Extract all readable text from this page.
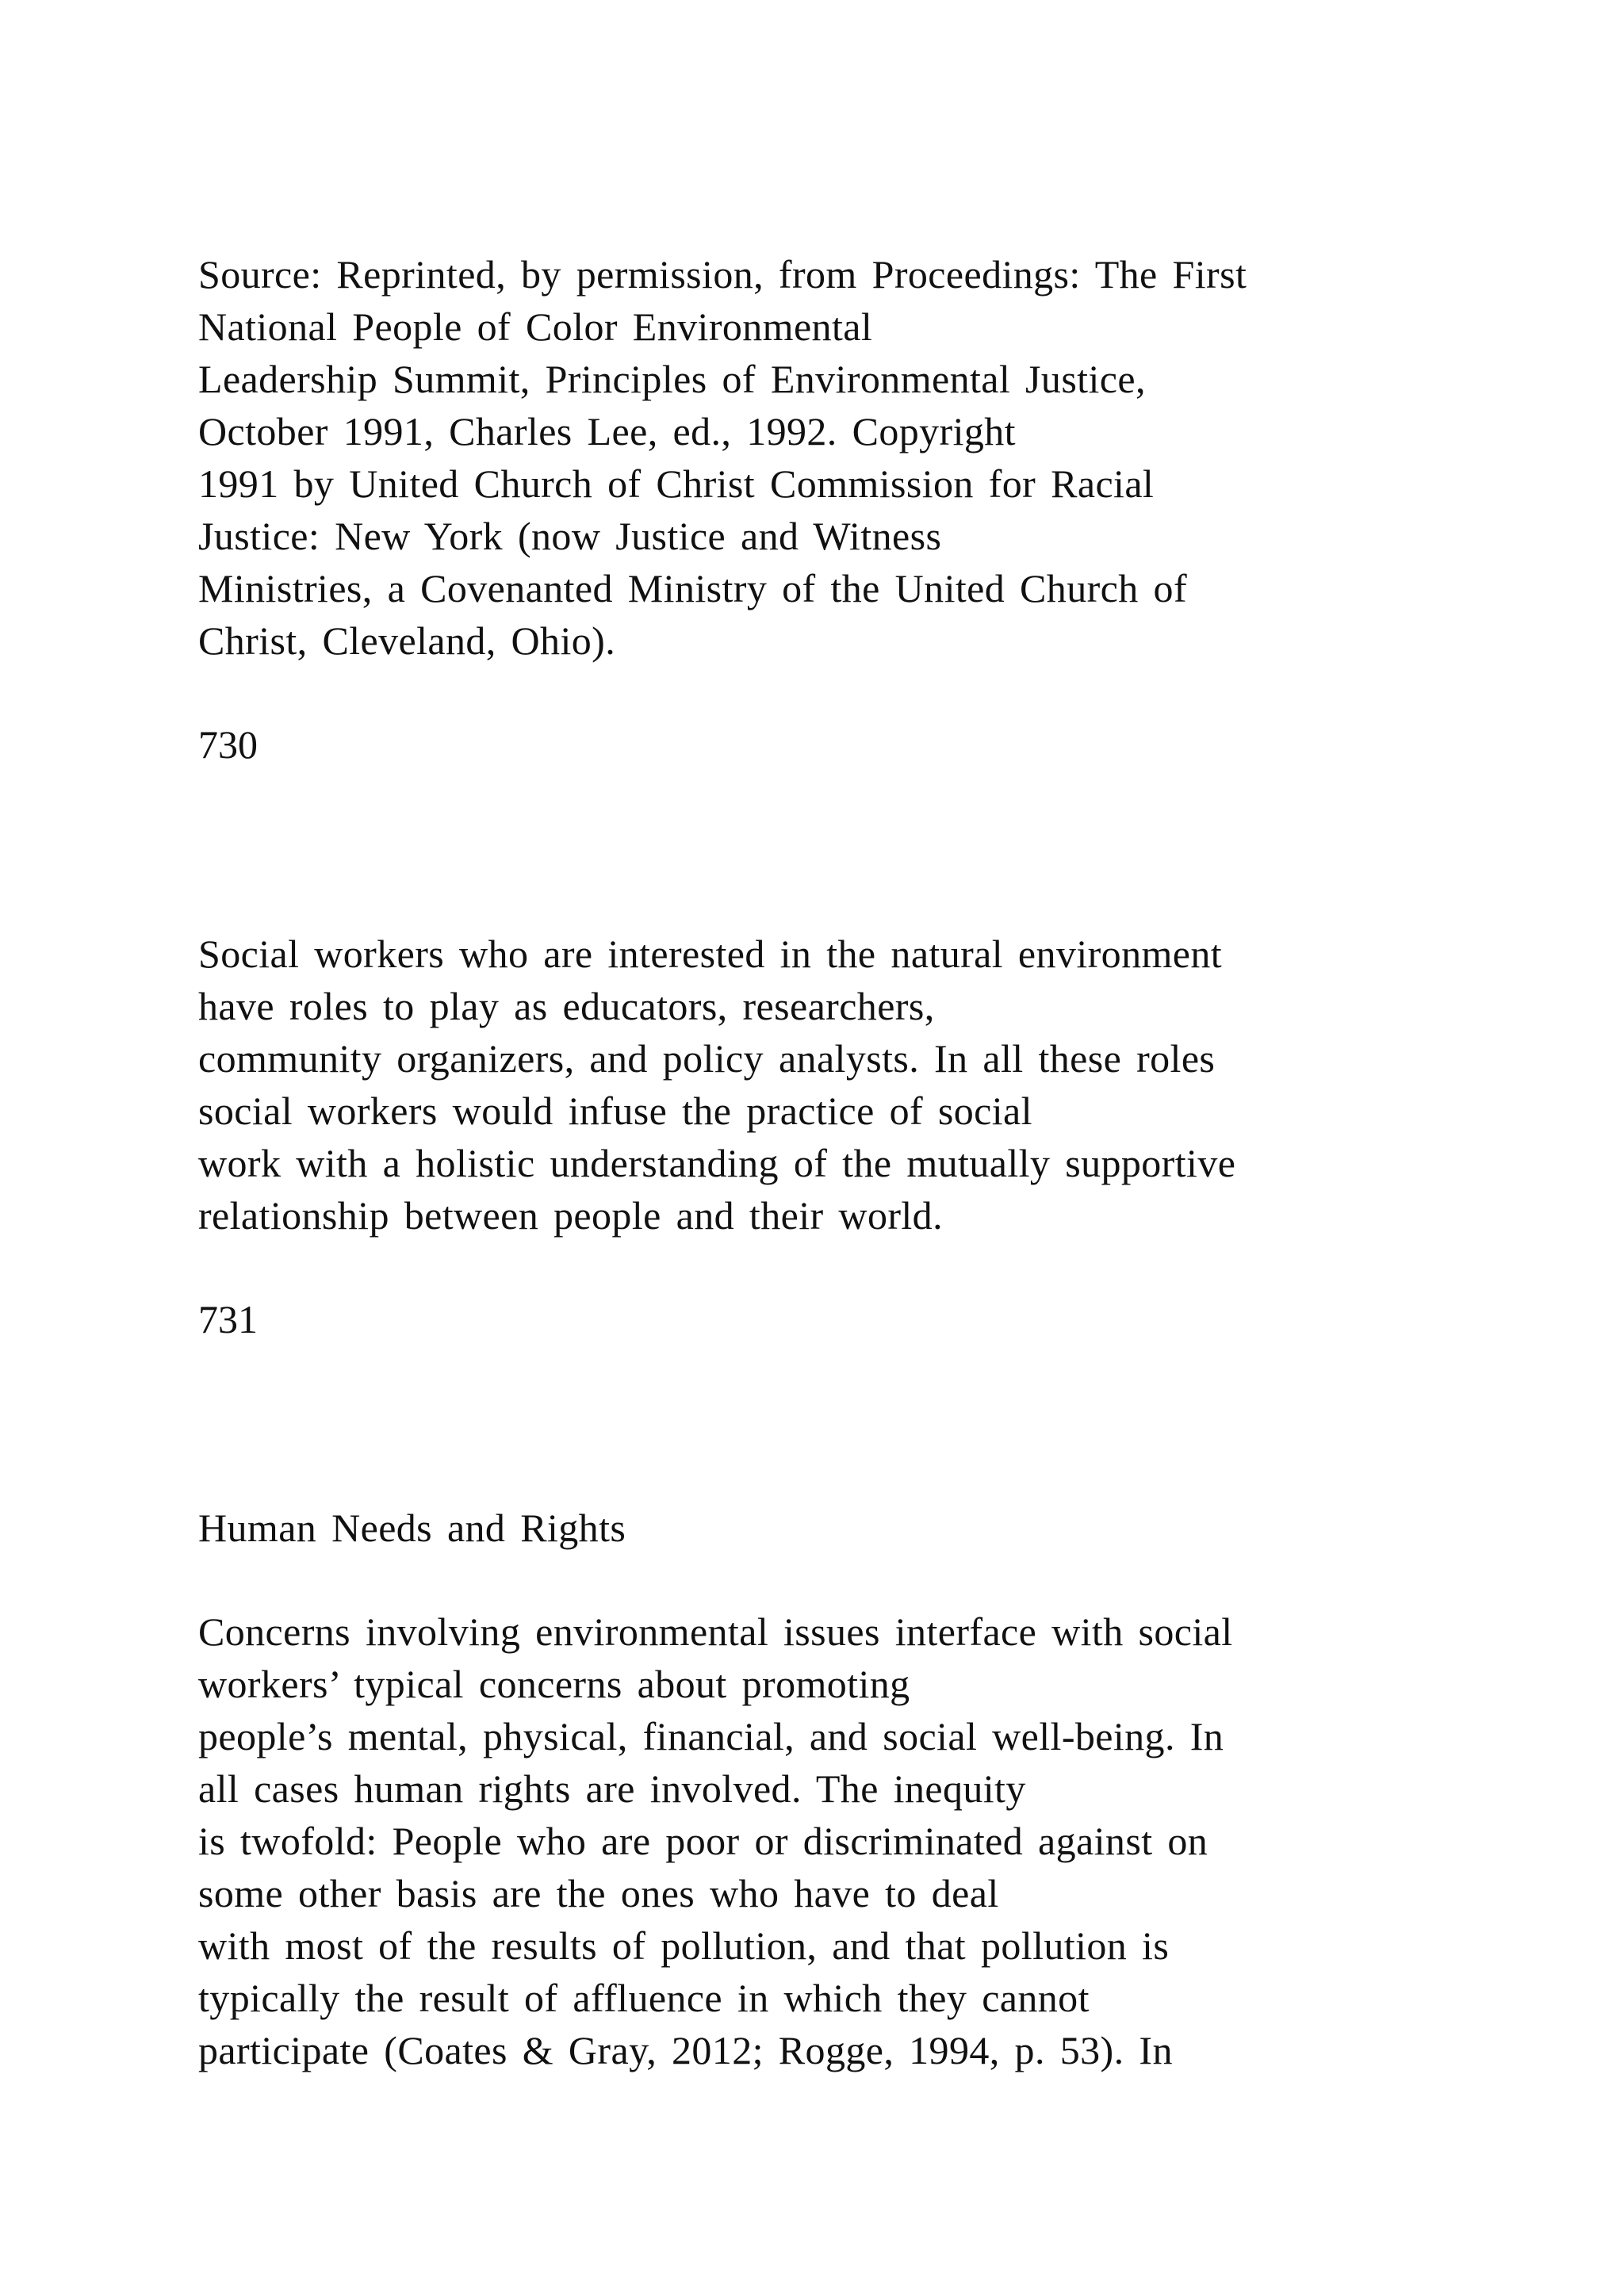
Source: Reprinted, by permission, from Proceedings: The First
National People of Color Environmental
Leadership Summit, Principles of Environmental Justice,
October 1991, Charles Lee, ed., 1992. Copyright
1991 by United Church of Christ Commission for Racial
Justice: New York (now Justice and Witness
Ministries, a Covenanted Ministry of the United Church of
Christ, Cleveland, Ohio).
730
Social workers who are interested in the natural environment
have roles to play as educators, researchers,
community organizers, and policy analysts. In all these roles
social workers would infuse the practice of social
work with a holistic understanding of the mutually supportive
relationship between people and their world.
731
Human Needs and Rights
Concerns involving environmental issues interface with social
workers’ typical concerns about promoting
people’s mental, physical, financial, and social well-being. In
all cases human rights are involved. The inequity
is twofold: People who are poor or discriminated against on
some other basis are the ones who have to deal
with most of the results of pollution, and that pollution is
typically the result of affluence in which they cannot
participate (Coates & Gray, 2012; Rogge, 1994, p. 53). In
